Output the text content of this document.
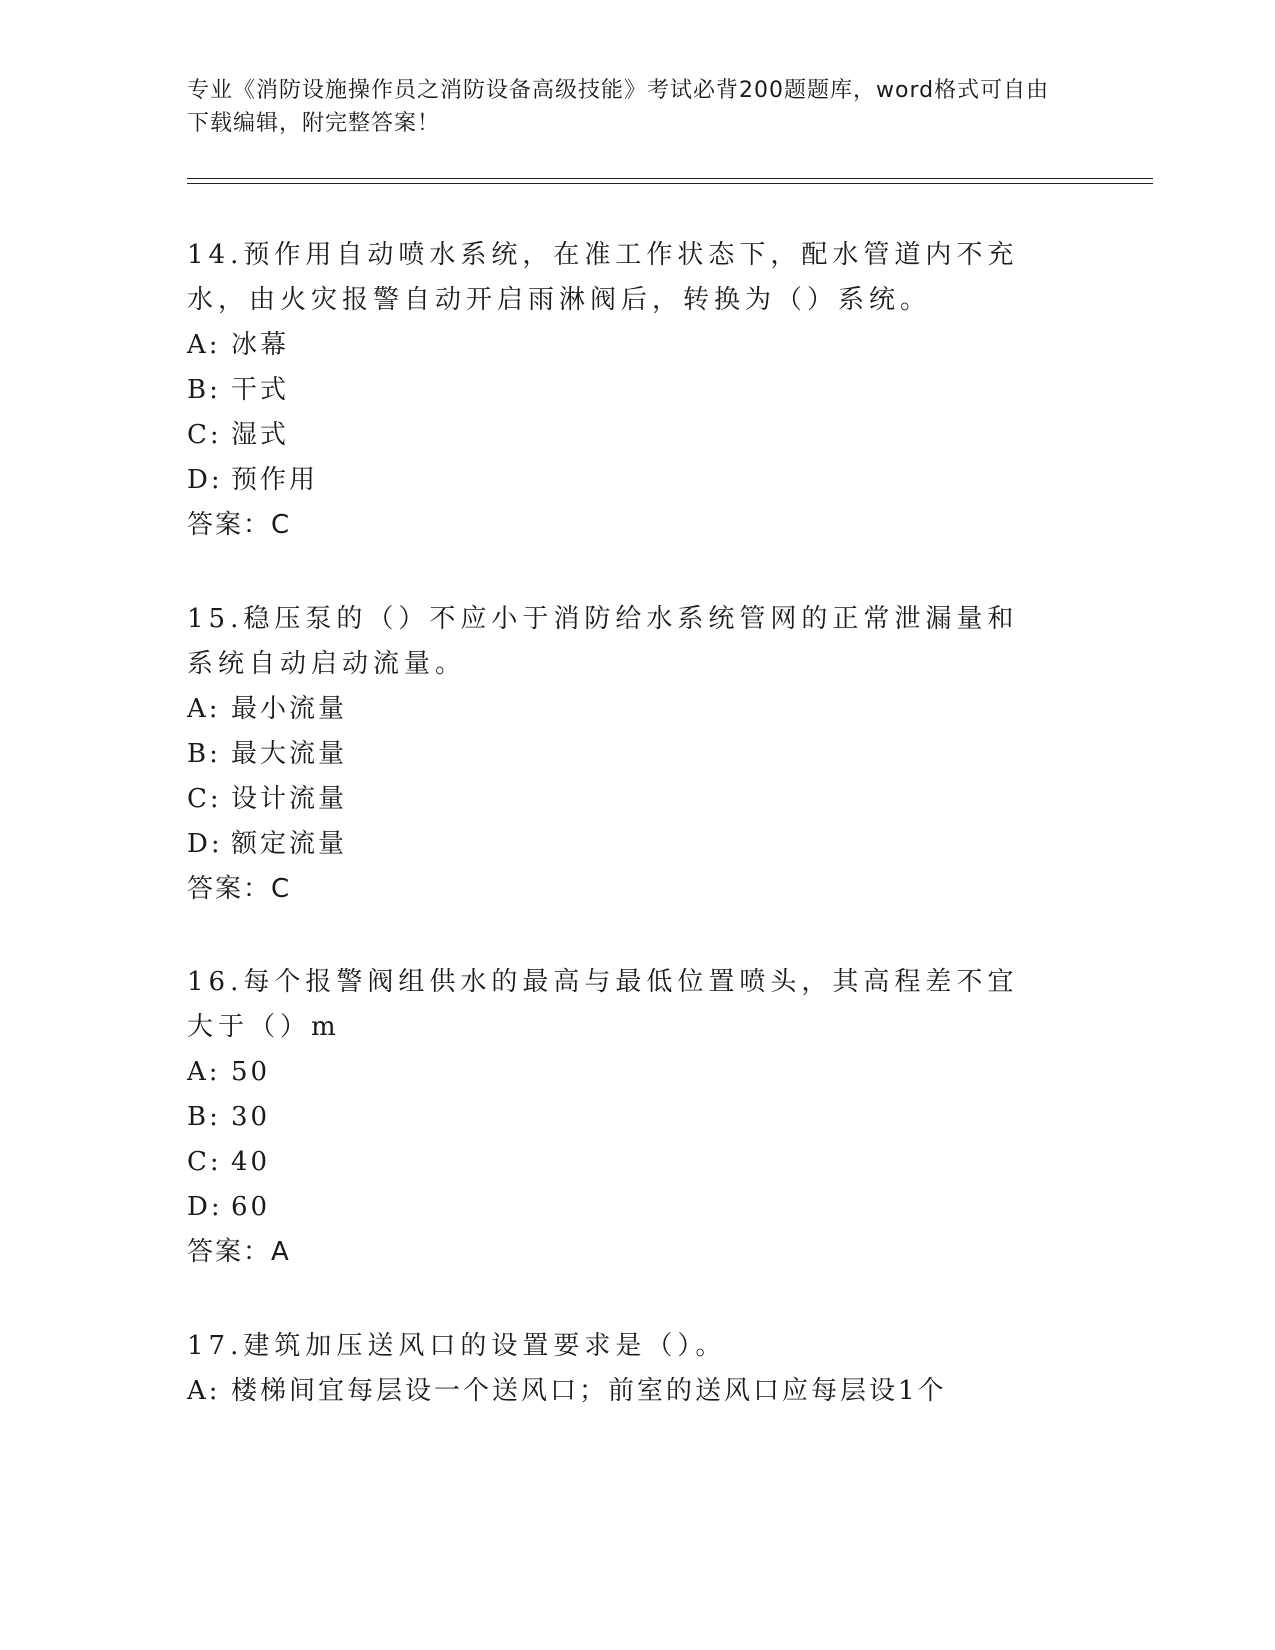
专业《消防设施操作员之消防设备高级技能》考试必背200题题库，word格式可自由下载编辑，附完整答案！

14.预作用自动喷水系统，在准工作状态下，配水管道内不充水，由火灾报警自动开启雨淋阀后，转换为（）系统。

A: 冰幕
B: 干式
C: 湿式
D: 预作用
答案：C

15.稳压泵的（）不应小于消防给水系统管网的正常泄漏量和系统自动启动流量。

A: 最小流量
B: 最大流量
C: 设计流量
D: 额定流量
答案：C

16.每个报警阀组供水的最高与最低位置喷头，其高程差不宜大于（）m

A: 50
B: 30
C: 40
D: 60
答案：A

17.建筑加压送风口的设置要求是（）。

A: 楼梯间宜每层设一个送风口；前室的送风口应每层设1个
